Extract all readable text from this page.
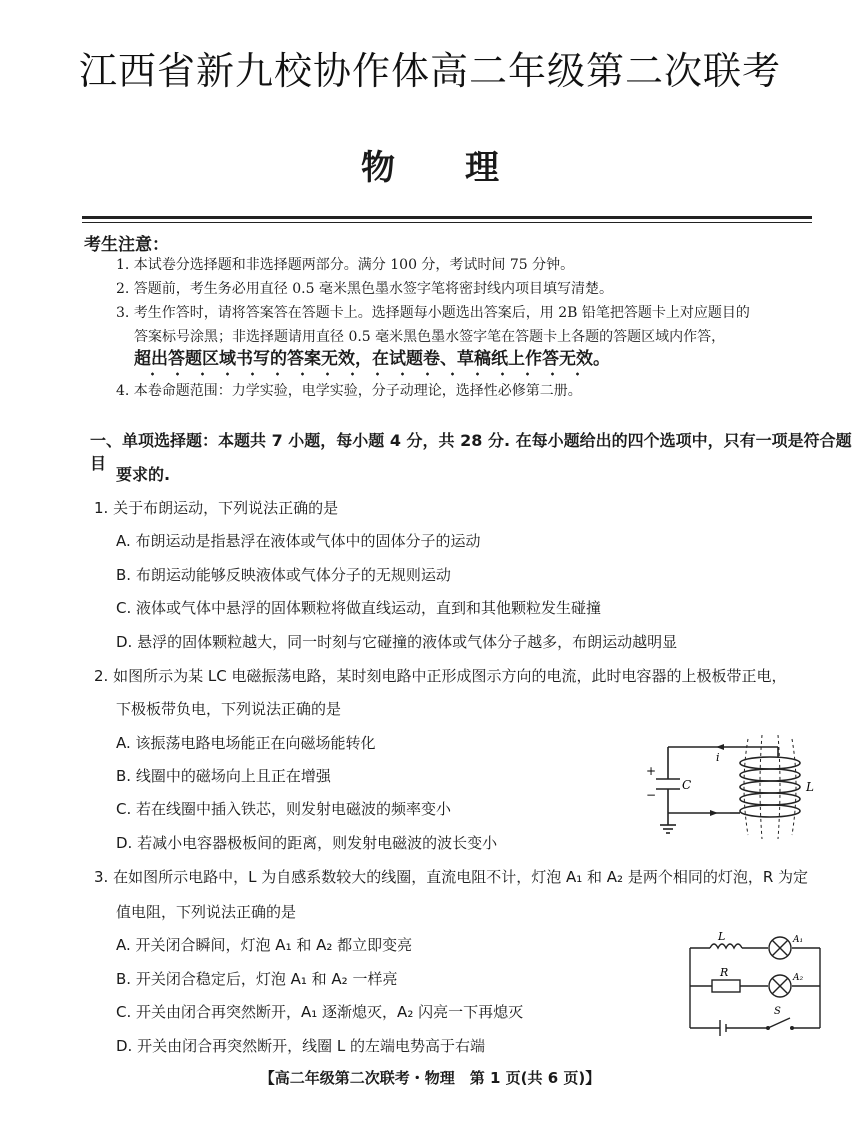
江西省新九校协作体高二年级第二次联考
物理
考生注意：
1. 本试卷分选择题和非选择题两部分。满分 100 分，考试时间 75 分钟。
2. 答题前，考生务必用直径 0.5 毫米黑色墨水签字笔将密封线内项目填写清楚。
3. 考生作答时，请将答案答在答题卡上。选择题每小题选出答案后，用 2B 铅笔把答题卡上对应题目的
答案标号涂黑；非选择题请用直径 0.5 毫米黑色墨水签字笔在答题卡上各题的答题区域内作答，
超出答题区域书写的答案无效，在试题卷、草稿纸上作答无效。
4. 本卷命题范围：力学实验，电学实验，分子动理论，选择性必修第二册。
一、单项选择题：本题共 7 小题，每小题 4 分，共 28 分. 在每小题给出的四个选项中，只有一项是符合题目
要求的.
1. 关于布朗运动，下列说法正确的是
A. 布朗运动是指悬浮在液体或气体中的固体分子的运动
B. 布朗运动能够反映液体或气体分子的无规则运动
C. 液体或气体中悬浮的固体颗粒将做直线运动，直到和其他颗粒发生碰撞
D. 悬浮的固体颗粒越大，同一时刻与它碰撞的液体或气体分子越多，布朗运动越明显
2. 如图所示为某 LC 电磁振荡电路，某时刻电路中正形成图示方向的电流，此时电容器的上极板带正电，
下极板带负电，下列说法正确的是
A. 该振荡电路电场能正在向磁场能转化
B. 线圈中的磁场向上且正在增强
C. 若在线圈中插入铁芯，则发射电磁波的频率变小
D. 若减小电容器极板间的距离，则发射电磁波的波长变小
i
+
−
C	L
3. 在如图所示电路中，L 为自感系数较大的线圈，直流电阻不计，灯泡 A₁ 和 A₂ 是两个相同的灯泡，R 为定
值电阻，下列说法正确的是
A. 开关闭合瞬间，灯泡 A₁ 和 A₂ 都立即变亮
B. 开关闭合稳定后，灯泡 A₁ 和 A₂ 一样亮
C. 开关由闭合再突然断开，A₁ 逐渐熄灭，A₂ 闪亮一下再熄灭
D. 开关由闭合再突然断开，线圈 L 的左端电势高于右端
L
R
A₁
A₂
S
【高二年级第二次联考・物理　第 1 页(共 6 页)】
